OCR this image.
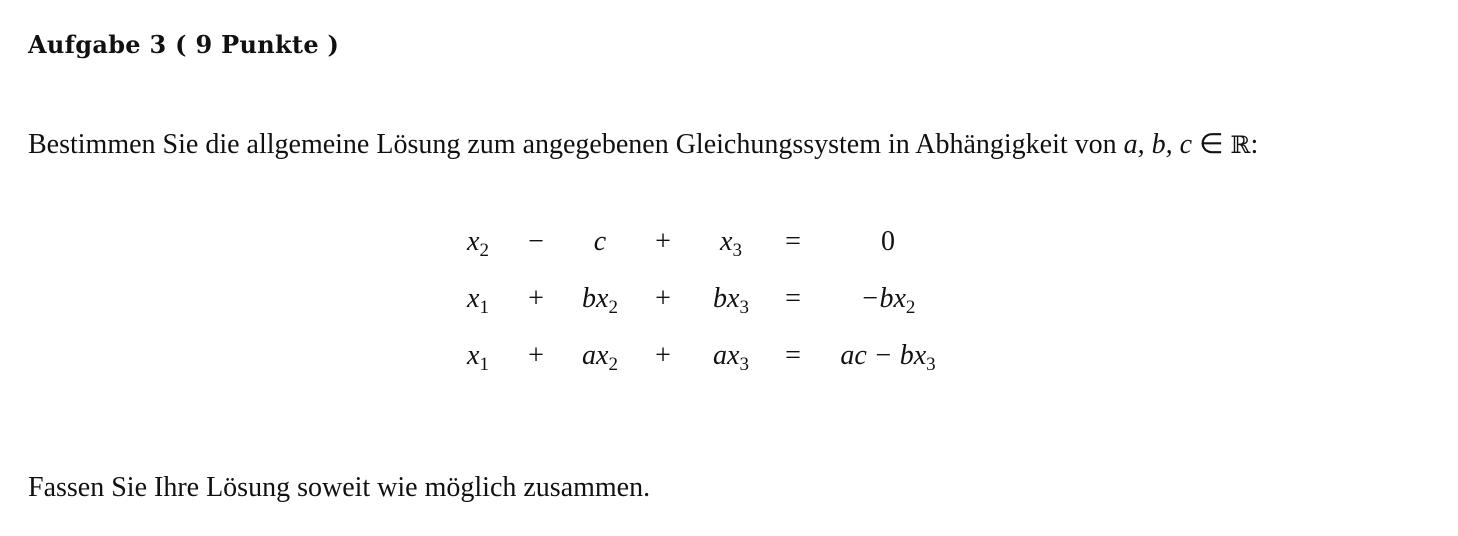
Aufgabe 3 ( 9 Punkte )

Bestimmen Sie die allgemeine Lösung zum angegebenen Gleichungssystem in Abhängigkeit von a, b, c ∈ ℝ:

$x_2 - c + x_3$ =	0
$x_1 + bx_2 + bx_3 = -bx_2$
$x_1 + ax_2 + ax_3$ = ac − $bx_3$

Fassen Sie Ihre Lösung soweit wie möglich zusammen.
